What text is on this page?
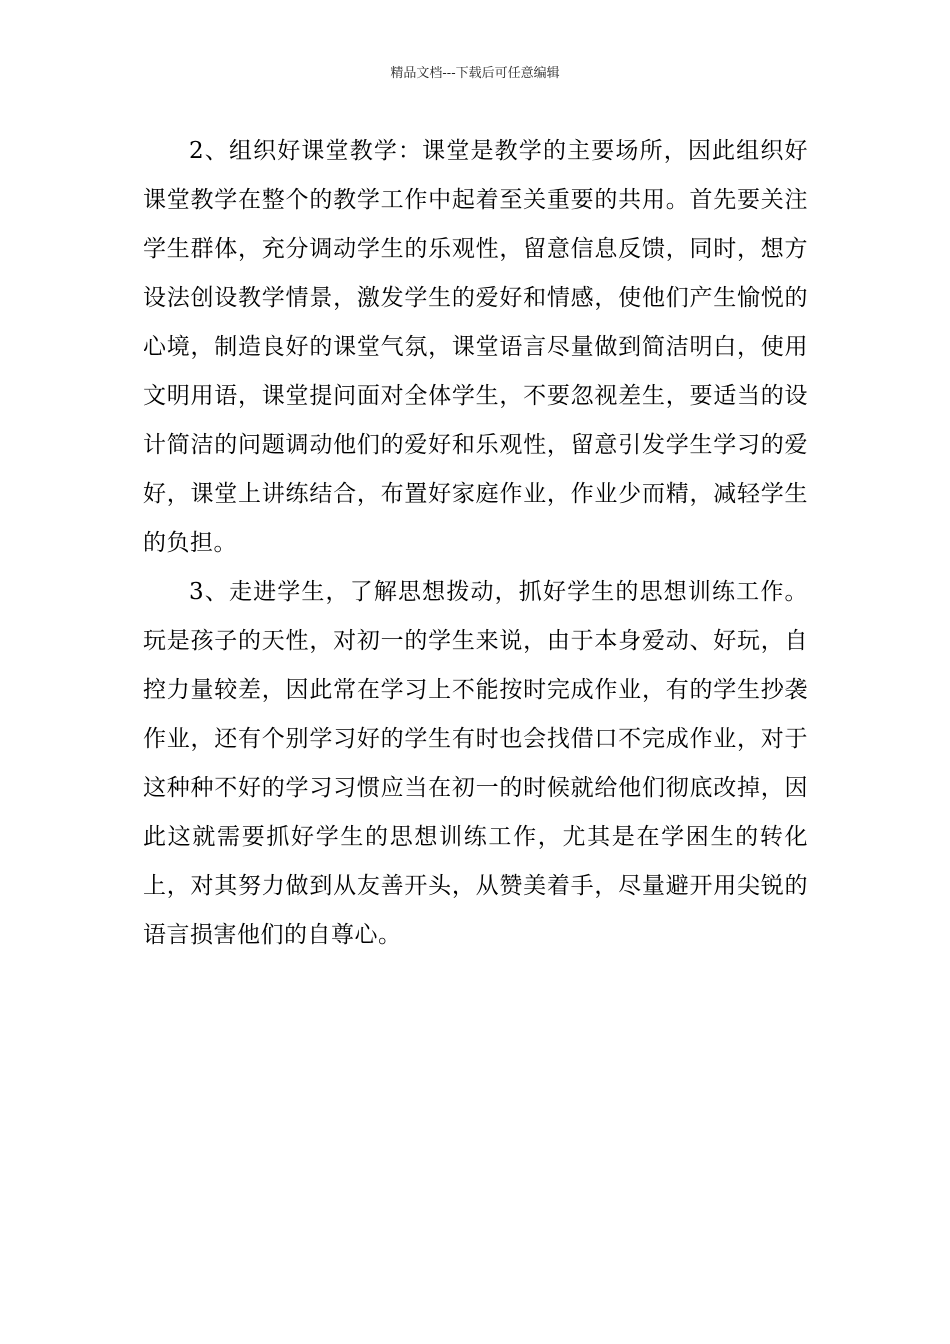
精品文档---下载后可任意编辑

2、组织好课堂教学：课堂是教学的主要场所，因此组织好课堂教学在整个的教学工作中起着至关重要的共用。首先要关注学生群体，充分调动学生的乐观性，留意信息反馈，同时，想方设法创设教学情景，激发学生的爱好和情感，使他们产生愉悦的心境，制造良好的课堂气氛，课堂语言尽量做到简洁明白，使用文明用语，课堂提问面对全体学生，不要忽视差生，要适当的设计简洁的问题调动他们的爱好和乐观性，留意引发学生学习的爱好，课堂上讲练结合，布置好家庭作业，作业少而精，减轻学生的负担。

3、走进学生，了解思想拨动，抓好学生的思想训练工作。玩是孩子的天性，对初一的学生来说，由于本身爱动、好玩，自控力量较差，因此常在学习上不能按时完成作业，有的学生抄袭作业，还有个别学习好的学生有时也会找借口不完成作业，对于这种种不好的学习习惯应当在初一的时候就给他们彻底改掉，因此这就需要抓好学生的思想训练工作，尤其是在学困生的转化上，对其努力做到从友善开头，从赞美着手，尽量避开用尖锐的语言损害他们的自尊心。
